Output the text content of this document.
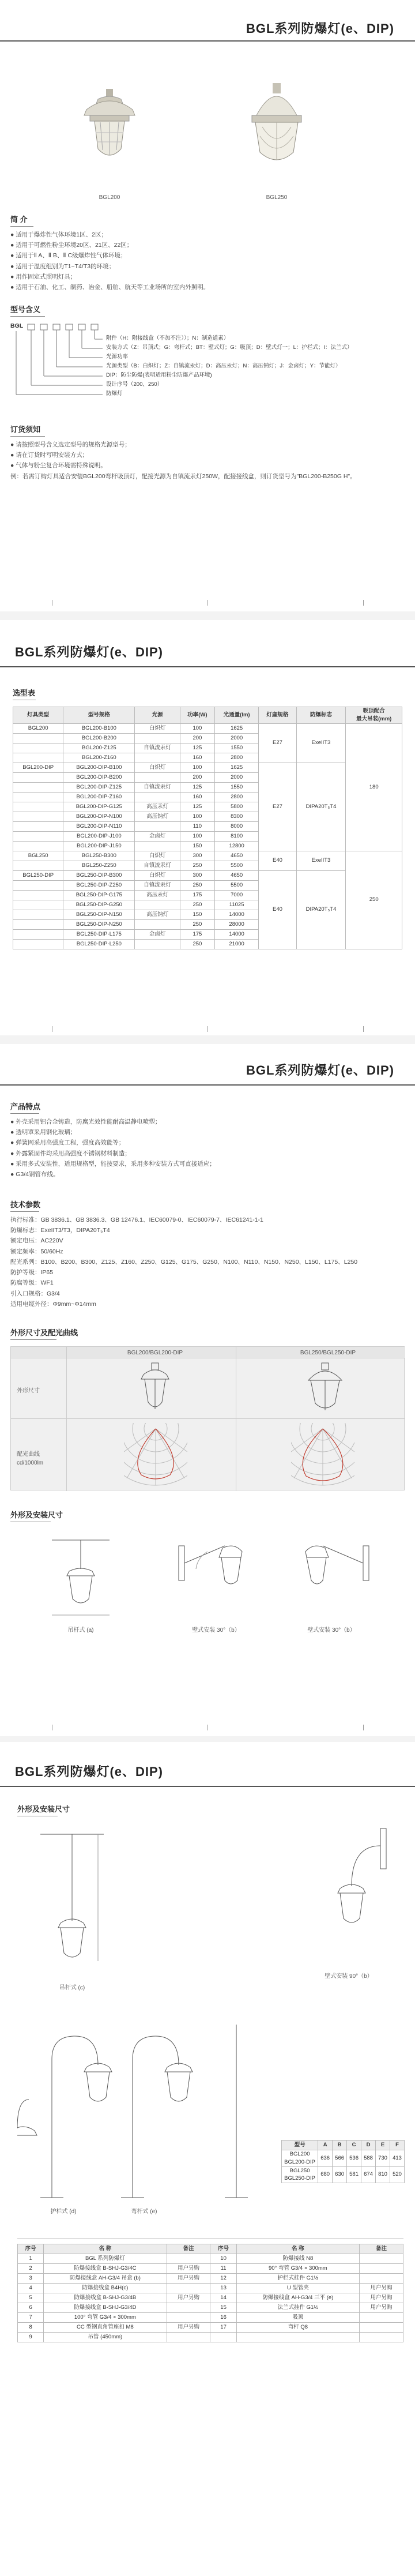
BGL系列防爆灯(e、DIP)
BGL200	BGL250
简 介
● 适用于爆炸性气体环境1区、2区；
● 适用于可燃性粉尘环境20区、21区、22区；
● 适用于Ⅱ A、Ⅱ B、Ⅱ C级爆炸性气体环境；
● 适用于温度组别为T1~T4/T3的环境；
● 用作固定式照明灯具；
● 适用于石油、化工、制药、冶金、船舶、航天等工业场所的室内外照明。
型号含义
BGL
附件（H：附接线盒（不加不注））；N：制造道素）
安装方式（Z：吊顶式；G：弯杆式；BT：壁式灯；G：吸顶；D：壁式灯一；L：护栏式；I：法兰式）
光源功率
光源类型（B：白炽灯；Z：自镇流汞灯；D：高压汞灯；N：高压钠灯；J：金卤灯；Y：节能灯）
DIP：防尘防爆(表明适用粉尘防爆产品环境)
设计序号（200、250）
防爆灯
订货须知
● 请按照型号含义选定型号的规格光源型号；
● 请在订货时写明安装方式；
● 气体与粉尘复合环境需特殊说明。
例：若需订购灯具适合安装BGL200弯杆吸顶灯，配接光源为自镇流汞灯250W，配接接线盒，则订货型号为"BGL200-B250G H"。
BGL系列防爆灯(e、DIP)
选型表
灯具类型	型号规格	光源	功率(W)	光通量(lm)	灯座规格	防爆标志	吸顶配合
最大吊装(mm)
BGL200	BGL200-B100	白炽灯	100	1625	E27	ExeIIT3	180
	BGL200-B200		200	2000			
	BGL200-Z125	自镇流汞灯	125	1550			
	BGL200-Z160		160	2800			
BGL200-DIP	BGL200-DIP-B100	白炽灯	100	1625	E27	DIPA20T₅T4	
	BGL200-DIP-B200		200	2000			
	BGL200-DIP-Z125	自镇流汞灯	125	1550			
	BGL200-DIP-Z160		160	2800			
	BGL200-DIP-G125	高压汞灯	125	5800			
	BGL200-DIP-N100	高压钠灯	100	8300			
	BGL200-DIP-N110		110	8000			
	BGL200-DIP-J100	金卤灯	100	8100			
	BGL200-DIP-J150		150	12800			
BGL250	BGL250-B300	白炽灯	300	4650	E40	ExeIIT3	250
	BGL250-Z250	自镇流汞灯	250	5500			
BGL250-DIP	BGL250-DIP-B300	白炽灯	300	4650	E40	DIPA20T₅T4	
	BGL250-DIP-Z250	自镇流汞灯	250	5500			
	BGL250-DIP-G175	高压汞灯	175	7000			
	BGL250-DIP-G250		250	11025			
	BGL250-DIP-N150	高压钠灯	150	14000			
	BGL250-DIP-N250		250	28000			
	BGL250-DIP-L175	金卤灯	175	14000			
	BGL250-DIP-L250		250	21000			
BGL系列防爆灯(e、DIP)
产品特点
● 外壳采用铝合金铸造，防腐光效性能耐高温静电喷塑；
● 透明罩采用钢化玻璃；
● 弹簧网采用高强度工程，强度高效能等；
● 外露紧固件均采用高强度不锈钢材料制造；
● 采用多式安装性，适用规格型，能按要求，采用多种安装方式可直接适应；
● G3/4钢管布线。
技术参数
执行标准：GB 3836.1、GB 3836.3、GB 12476.1、IEC60079-0、IEC60079-7、IEC61241-1-1
防爆标志：ExeIIT3/T3，DIPA20T₅T4
额定电压：AC220V
额定频率：50/60Hz
配光系列：B100、B200、B300、Z125、Z160、Z250、G125、G175、G250、N100、N110、N150、N250、L150、L175、L250
防护等级：IP65
防腐等级：WF1
引入口规格：G3/4
适用电缆外径：Φ9mm~Φ14mm
外形尺寸及配光曲线
BGL200/BGL200-DIP	BGL250/BGL250-DIP
外形尺寸
配光曲线
cd/1000lm
外形及安装尺寸
吊杆式 (a)	壁式安装 30°（b）	壁式安装 30°（b）
BGL系列防爆灯(e、DIP)
外形及安装尺寸
吊杆式 (c)
壁式安装 90°（b）
护栏式 (d)	弯杆式 (e)
型号	A	B	C	D	E	F
BGL200
BGL200-DIP	636	566	536	588	730	413
BGL250
BGL250-DIP	680	630	581	674	810	520
序号	名 称	备注	序号	名 称	备注
1	BGL 系列防爆灯		10	防爆接线 N8	
2	防爆接线盒 B-SHJ-G3/4C	用户另购	11	90° 弯管 G3/4 × 300mm	
3	防爆接线盒 AH-G3/4 吊盒 (b)	用户另购	12	护栏式挂件 G1½	
4	防爆接线盒 B4H(c)		13	U 型管夹	用户另购
5	防爆接线盒 B-SHJ-G3/4B	用户另购	14	防爆接线盒 AH-G3/4 三平 (e)	用户另购
6	防爆接线盒 B-SHJ-G3/4D		15	法兰式挂件 G1½	用户另购
7	100° 弯管 G3/4 × 300mm		16	吸顶	
8	CC 型钢直角管座扣 M8	用户另购	17	弯杆 Q8	
9	吊管 (450mm)				
